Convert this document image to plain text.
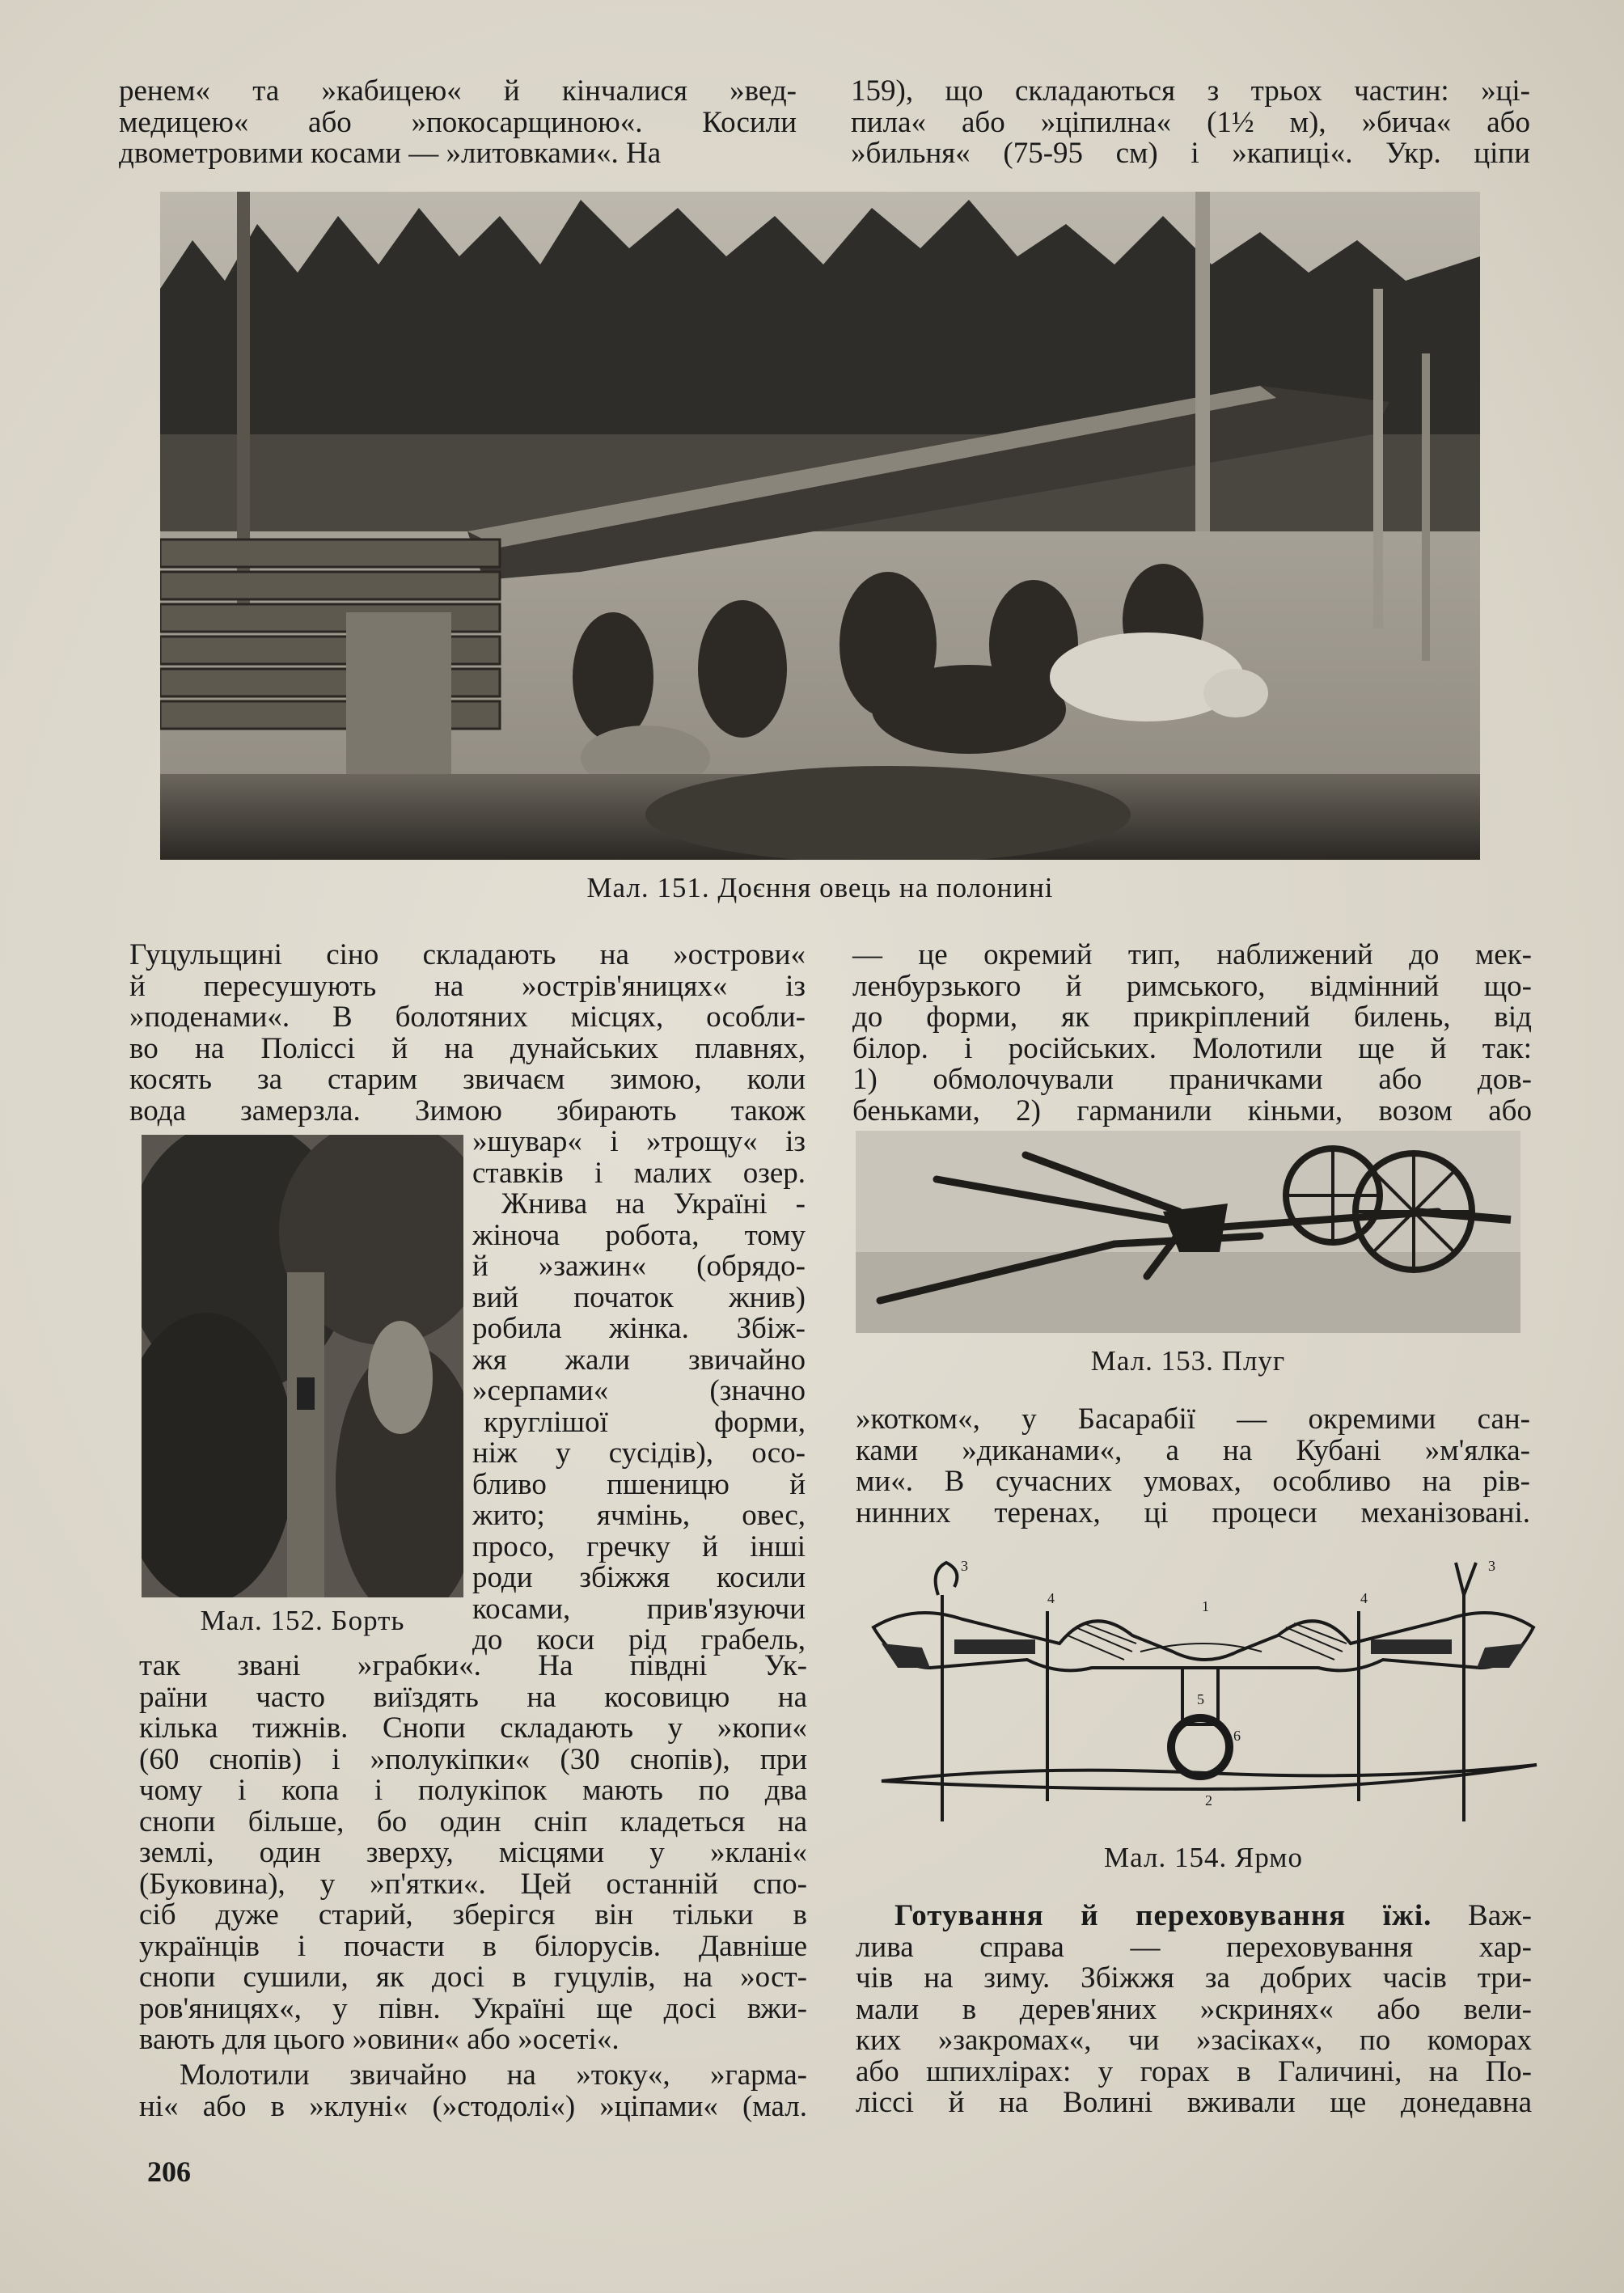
ренем« та »кабицею« й кінчалися »вед-
медицею« або »покосарщиною«. Косили
двометровими косами — »литовками«. На
159), що складаються з трьох частин: »ці-
пила« або »ціпилна« (1½ м), »бича« або
»бильня« (75-95 см) і »капиці«. Укр. ціпи
Мал. 151. Доєння овець на полонині
Гуцульщині сіно складають на »острови«
й пересушують на »острів'яницях« із
»поденами«. В болотяних місцях, особли-
во на Поліссі й на дунайських плавнях,
косять за старим звичаєм зимою, коли
вода замерзла. Зимою збирають також
Мал. 152. Борть
»шувар« і »трощу« із
ставків і малих озер.
Жнива на Україні -
жіноча робота, тому
й »зажин« (обрядо-
вий початок жнив)
робила жінка. Збіж-
жя жали звичайно
»серпами« (значно
круглішої форми,
ніж у сусідів), осо-
бливо пшеницю й
жито; ячмінь, овес,
просо, гречку й інші
роди збіжжя косили
косами, прив'язуючи
до коси рід грабель,
так звані »грабки«. На півдні Ук-
раїни часто виїздять на косовицю на
кілька тижнів. Снопи складають у »копи«
(60 снопів) і »полукіпки« (30 снопів), при
чому і копа і полукіпок мають по два
снопи більше, бо один сніп кладеться на
землі, один зверху, місцями у »клані«
(Буковина), у »п'ятки«. Цей останній спо-
сіб дуже старий, зберігся він тільки в
українців і почасти в білорусів. Давніше
снопи сушили, як досі в гуцулів, на »ост-
ров'яницях«, у півн. Україні ще досі вжи-
вають для цього »овини« або »осеті«.
Молотили звичайно на »току«, »гарма-
ні« або в »клуні« (»стодолі«) »ціпами« (мал.
206
— це окремий тип, наближений до мек-
ленбурзького й римського, відмінний що-
до форми, як прикріплений билень, від
білор. і російських. Молотили ще й так:
1) обмолочували праничками або дов-
беньками, 2) гарманили кіньми, возом або
Мал. 153. Плуг
»котком«, у Басарабії — окремими сан-
ками »диканами«, а на Кубані »м'ялка-
ми«. В сучасних умовах, особливо на рів-
нинних теренах, ці процеси механізовані.
1
2
3	3
4	4
5
6
Мал. 154. Ярмо
Готування й переховування їжі. Важ-
лива справа — переховування хар-
чів на зиму. Збіжжя за добрих часів три-
мали в дерев'яних »скринях« або вели-
ких »закромах«, чи »засіках«, по коморах
або шпихлірах: у горах в Галичині, на По-
ліссі й на Волині вживали ще донедавна
